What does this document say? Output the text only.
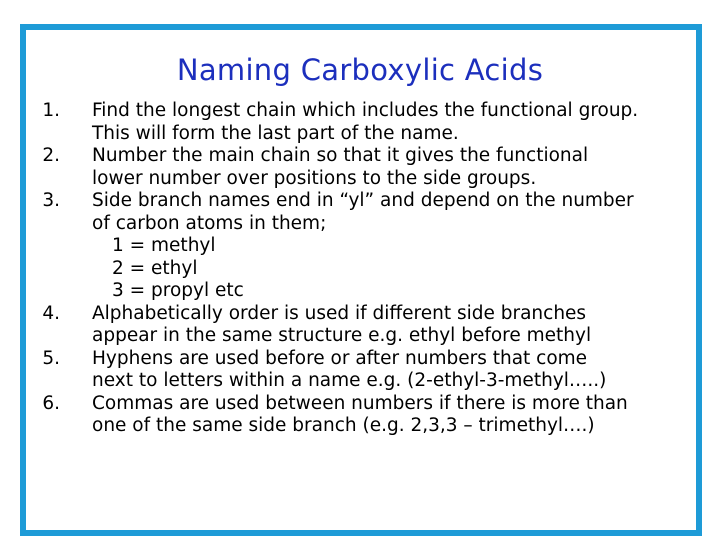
Naming Carboxylic Acids
1. Find the longest chain which includes the functional group.
This will form the last part of the name.
2. Number the main chain so that it gives the functional
lower number over positions to the side groups.
3. Side branch names end in “yl” and depend on the number
of carbon atoms in them;
1 = methyl
2 = ethyl
3 = propyl etc
4. Alphabetically order is used if different side branches
appear in the same structure e.g. ethyl before methyl
5. Hyphens are used before or after numbers that come
next to letters within a name e.g. (2-ethyl-3-methyl…..)
6. Commas are used between numbers if there is more than
one of the same side branch (e.g. 2,3,3 – trimethyl….)
